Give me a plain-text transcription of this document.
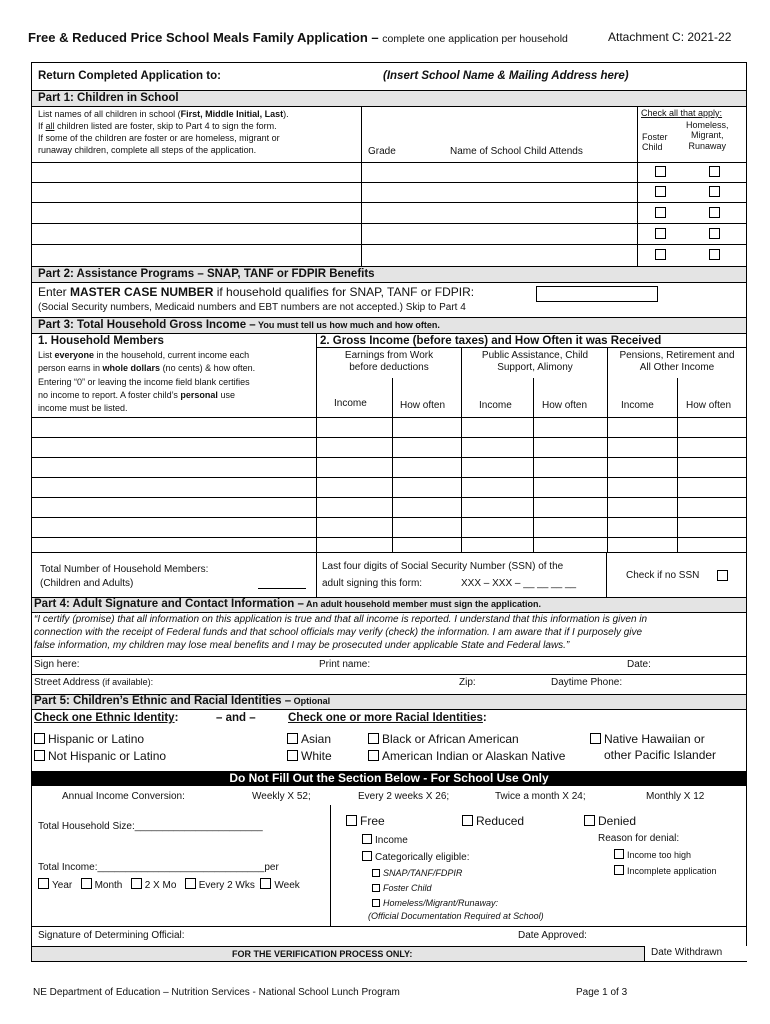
Free & Reduced Price School Meals Family Application – complete one application per household	Attachment C: 2021-22
Return Completed Application to:	(Insert School Name & Mailing Address here)
Part 1: Children in School
List names of all children in school (First, Middle Initial, Last).
If all children listed are foster, skip to Part 4 to sign the form.
If some of the children are foster or are homeless, migrant or
runaway children, complete all steps of the application.	Grade	Name of School Child Attends
Check all that apply:
Foster
Child
Homeless,
Migrant,
Runaway
Part 2: Assistance Programs – SNAP, TANF or FDPIR Benefits
Enter MASTER CASE NUMBER if household qualifies for SNAP, TANF or FDPIR:
(Social Security numbers, Medicaid numbers and EBT numbers are not accepted.) Skip to Part 4
Part 3: Total Household Gross Income – You must tell us how much and how often.
1. Household Members
List everyone in the household, current income each
person earns in whole dollars (no cents) & how often.
Entering “0” or leaving the income field blank certifies
no income to report. A foster child’s personal use
income must be listed.
2. Gross Income (before taxes) and How Often it was Received
Earnings from Work
before deductions
Public Assistance, Child
Support, Alimony
Pensions, Retirement and
All Other Income
Income	How often	Income	How often	Income	How often
Total Number of Household Members:
(Children and Adults)
Last four digits of Social Security Number (SSN) of the
adult signing this form:	XXX – XXX – __ __ __ __
Check if no SSN
Part 4: Adult Signature and Contact Information – An adult household member must sign the application.
“I certify (promise) that all information on this application is true and that all income is reported. I understand that this information is given in
connection with the receipt of Federal funds and that school officials may verify (check) the information. I am aware that if I purposely give
false information, my children may lose meal benefits and I may be prosecuted under applicable State and Federal laws.”
Sign here:	Print name:	Date:
Street Address (if available):	Zip:	Daytime Phone:
Part 5: Children’s Ethnic and Racial Identities – Optional
Check one Ethnic Identity:	– and –	Check one or more Racial Identities:
Hispanic or Latino
Not Hispanic or Latino
Asian
White
Black or African American
American Indian or Alaskan Native
Native Hawaiian or
other Pacific Islander
Do Not Fill Out the Section Below - For School Use Only
Annual Income Conversion:	Weekly X 52;	Every 2 weeks X 26;	Twice a month X 24;	Monthly X 12
Total Household Size:_______________________
Total Income:______________________________per
Year Month 2 X Mo Every 2 Wks Week
Free	Reduced	Denied
Income
Categorically eligible:
SNAP/TANF/FDPIR
Foster Child
Homeless/Migrant/Runaway:
(Official Documentation Required at School)
Reason for denial:
Income too high
Incomplete application
Signature of Determining Official:	Date Approved:
FOR THE VERIFICATION PROCESS ONLY:	Date Withdrawn
NE Department of Education – Nutrition Services - National School Lunch Program	Page 1 of 3
